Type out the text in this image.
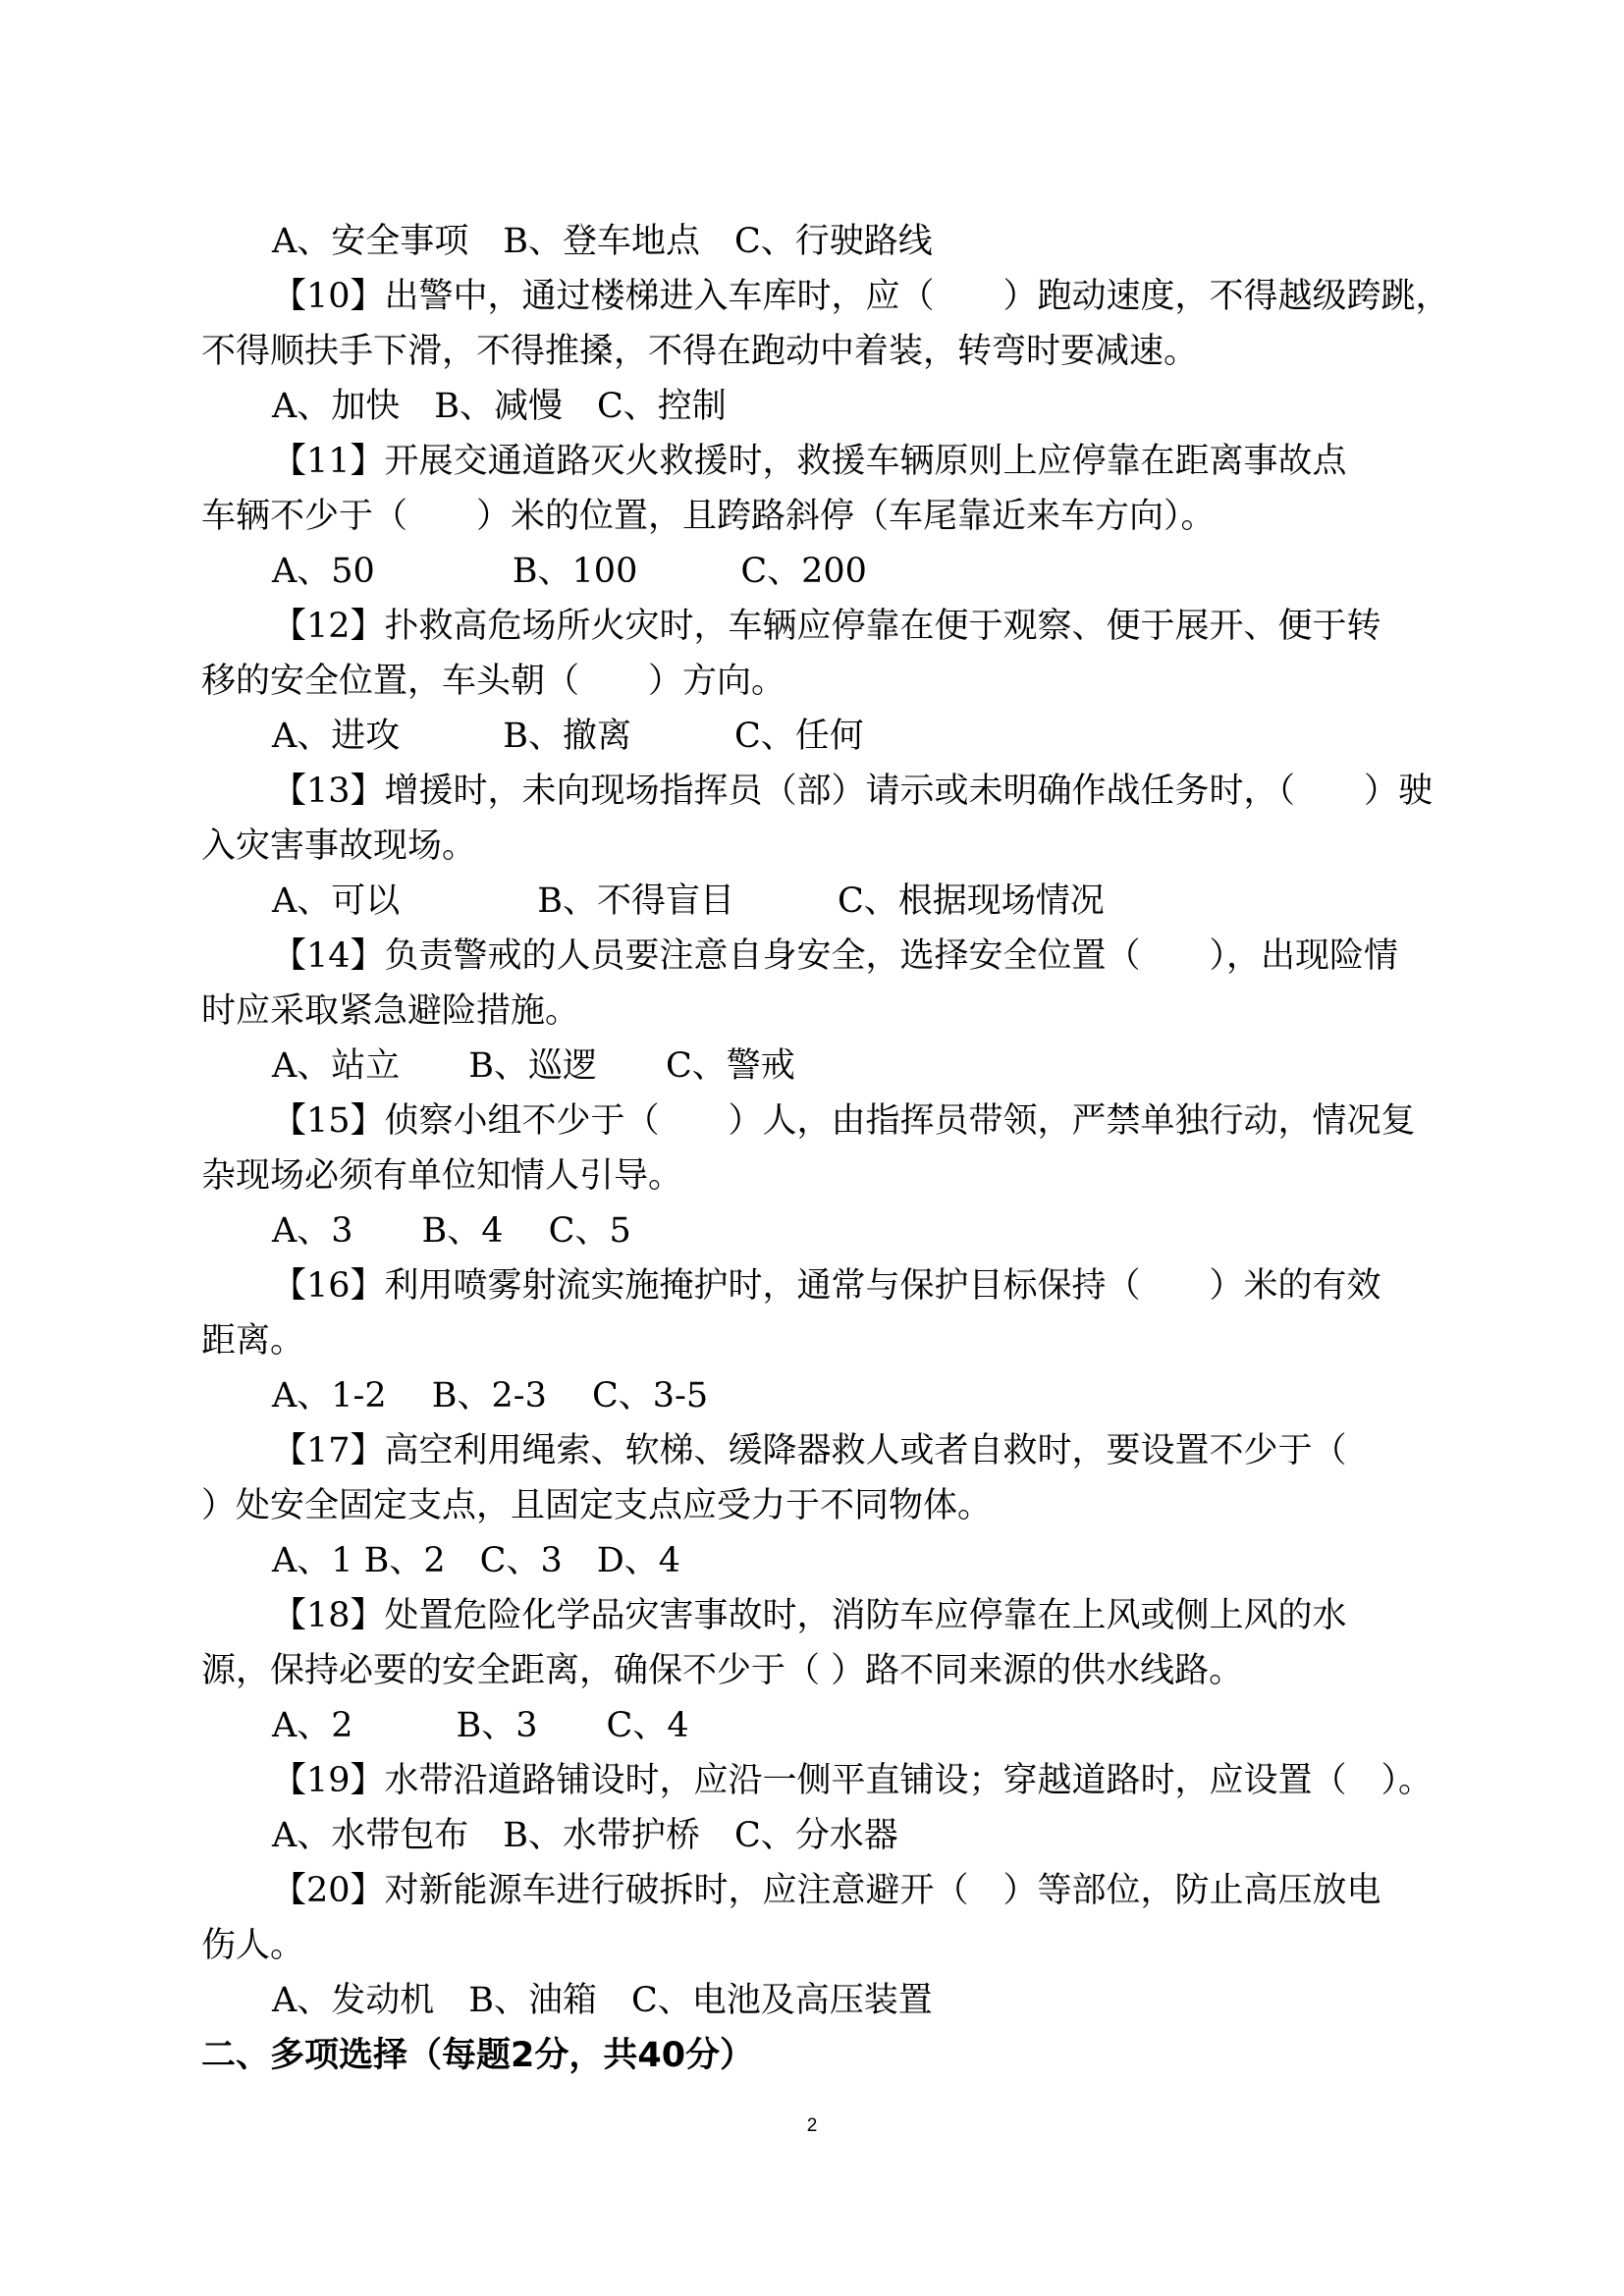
A、安全事项　B、登车地点　C、行驶路线
【10】出警中，通过楼梯进入车库时，应（　　）跑动速度，不得越级跨跳，
不得顺扶手下滑，不得推搡，不得在跑动中着装，转弯时要减速。
A、加快　B、减慢　C、控制
【11】开展交通道路灭火救援时，救援车辆原则上应停靠在距离事故点
车辆不少于（　　）米的位置，且跨路斜停（车尾靠近来车方向）。
A、50　　　　B、100　　　C、200
【12】扑救高危场所火灾时，车辆应停靠在便于观察、便于展开、便于转
移的安全位置，车头朝（　　）方向。
A、进攻　　　B、撤离　　　C、任何
【13】增援时，未向现场指挥员（部）请示或未明确作战任务时，（　　）驶
入灾害事故现场。
A、可以　　　　B、不得盲目　　　C、根据现场情况
【14】负责警戒的人员要注意自身安全，选择安全位置（　　），出现险情
时应采取紧急避险措施。
A、站立　　B、巡逻　　C、警戒
【15】侦察小组不少于（　　）人，由指挥员带领，严禁单独行动，情况复
杂现场必须有单位知情人引导。
A、3　　B、4　 C、5
【16】利用喷雾射流实施掩护时，通常与保护目标保持（　　）米的有效
距离。
A、1-2　 B、2-3　 C、3-5
【17】高空利用绳索、软梯、缓降器救人或者自救时，要设置不少于（
）处安全固定支点，且固定支点应受力于不同物体。
A、1 B、2　C、3　D、4
【18】处置危险化学品灾害事故时，消防车应停靠在上风或侧上风的水
源，保持必要的安全距离，确保不少于（ ）路不同来源的供水线路。
A、2　　　B、3　　C、4
【19】水带沿道路铺设时，应沿一侧平直铺设；穿越道路时，应设置（　）。
A、水带包布　B、水带护桥　C、分水器
【20】对新能源车进行破拆时，应注意避开（　）等部位，防止高压放电
伤人。
A、发动机　B、油箱　C、电池及高压装置
二、多项选择（每题2分，共40分）
2
